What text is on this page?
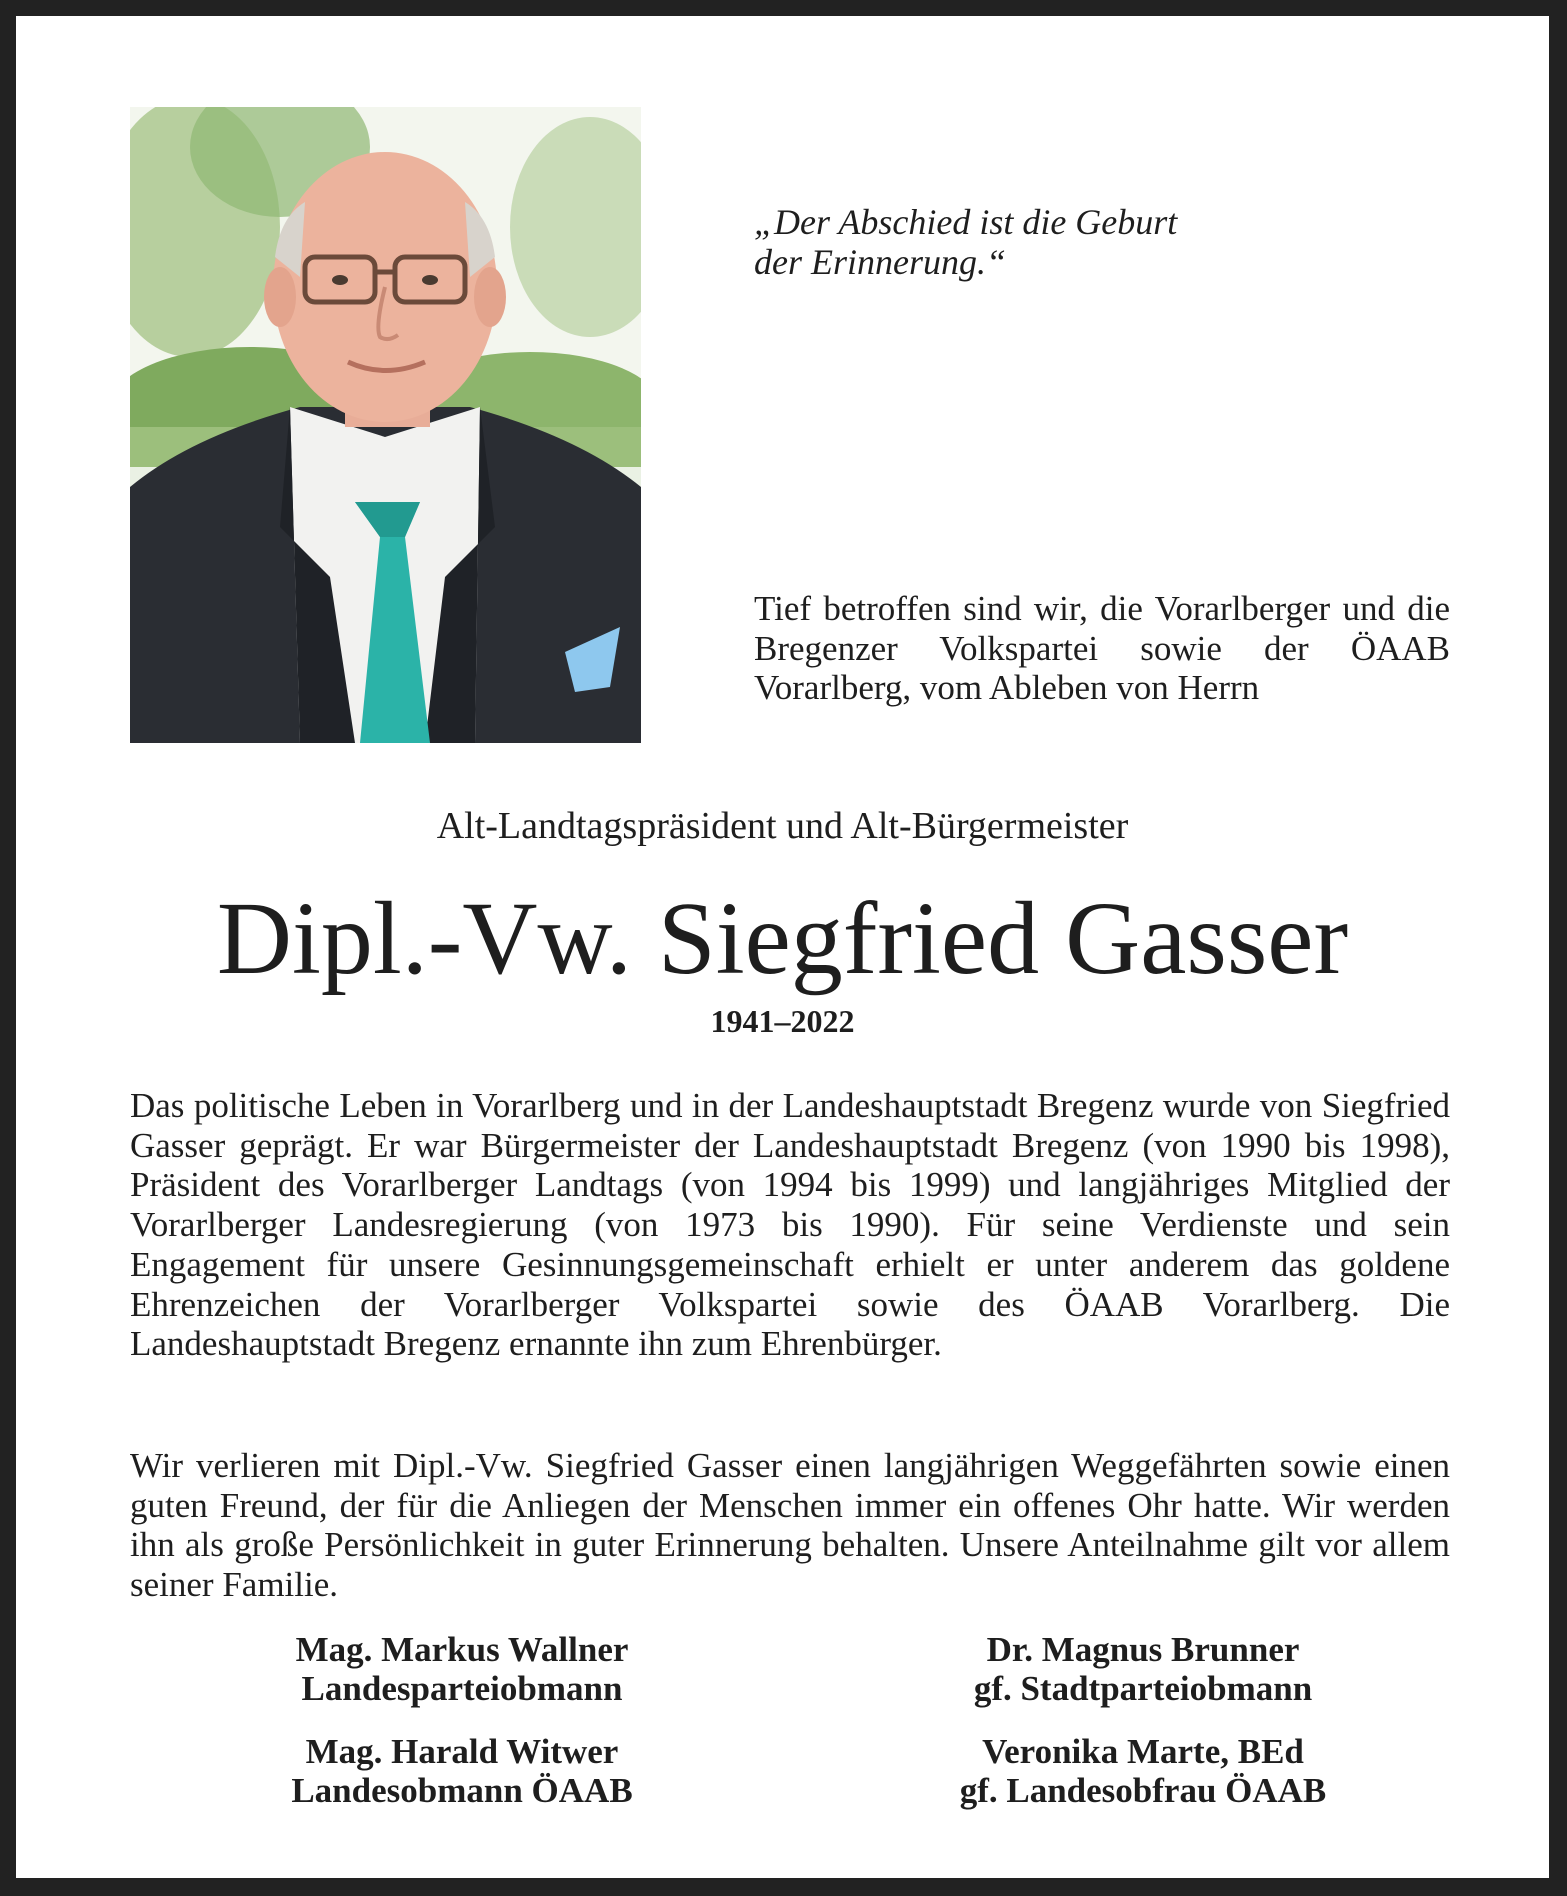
„Der Abschied ist die Geburt
der Erinnerung.“
Tief betroffen sind wir, die Vorarlberger und die Bregenzer Volkspartei sowie der ÖAAB Vorarlberg, vom Ableben von Herrn
Alt-Landtagspräsident und Alt-Bürgermeister
Dipl.-Vw. Siegfried Gasser
1941–2022
Das politische Leben in Vorarlberg und in der Landeshauptstadt Bregenz wurde von Siegfried Gasser geprägt. Er war Bürgermeister der Landeshauptstadt Bregenz (von 1990 bis 1998), Präsident des Vorarlberger Landtags (von 1994 bis 1999) und langjähriges Mitglied der Vorarlberger Landesregierung (von 1973 bis 1990). Für seine Verdienste und sein Engagement für unsere Gesinnungsgemeinschaft erhielt er unter anderem das goldene Ehrenzeichen der Vorarlberger Volkspartei sowie des ÖAAB Vorarlberg. Die Landeshauptstadt Bregenz ernannte ihn zum Ehrenbürger.
Wir verlieren mit Dipl.-Vw. Siegfried Gasser einen langjährigen Weggefährten sowie einen guten Freund, der für die Anliegen der Menschen immer ein offenes Ohr hatte. Wir werden ihn als große Persönlichkeit in guter Erinnerung behalten. Unsere Anteilnahme gilt vor allem seiner Familie.
Mag. Markus Wallner
Landesparteiobmann
Dr. Magnus Brunner
gf. Stadtparteiobmann
Mag. Harald Witwer
Landesobmann ÖAAB
Veronika Marte, BEd
gf. Landesobfrau ÖAAB
